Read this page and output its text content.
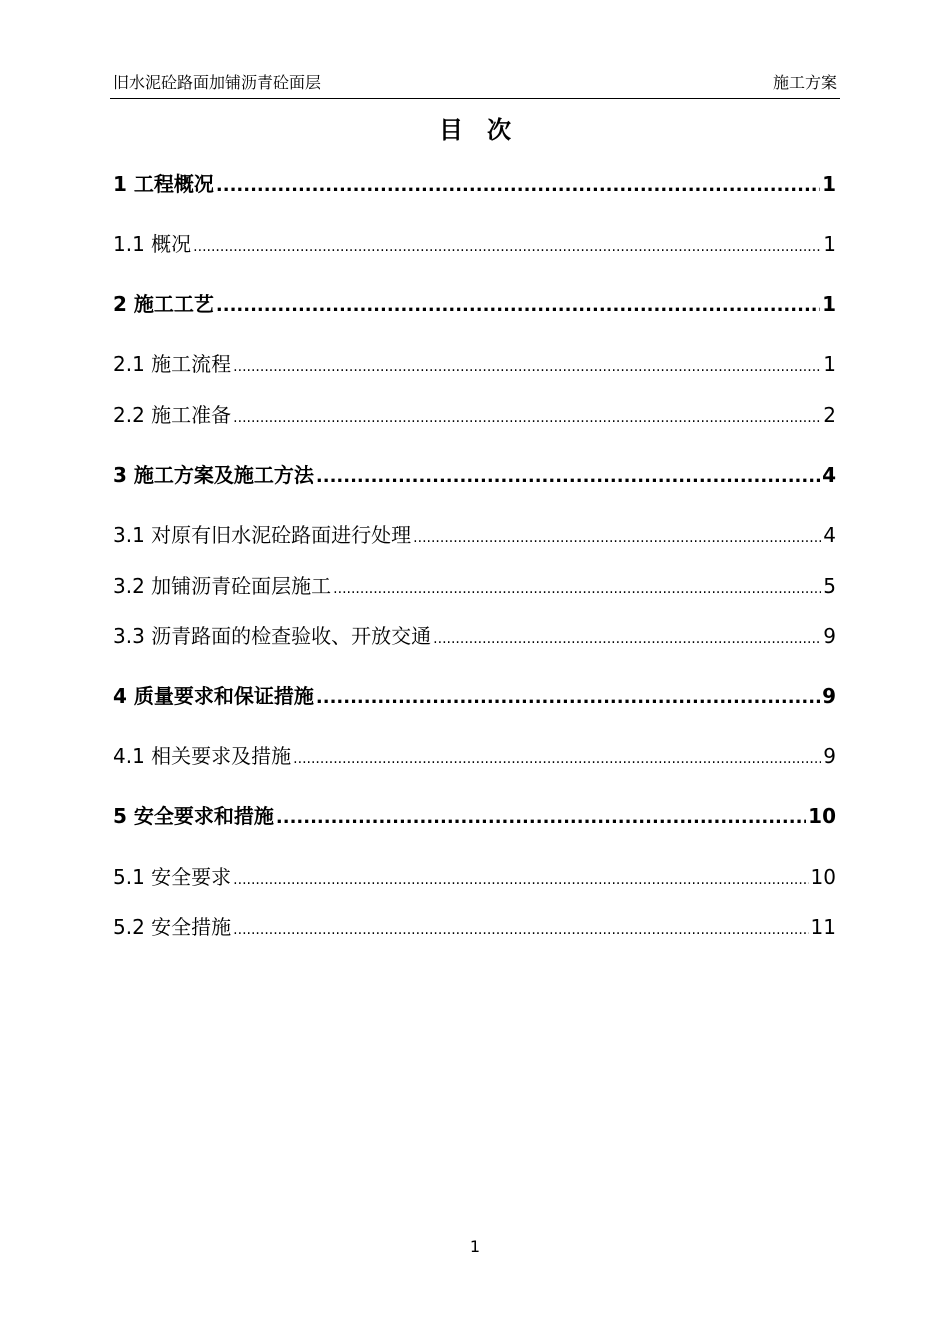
旧水泥砼路面加铺沥青砼面层	施工方案
目　次
1 工程概况 .....	1
1.1 概况 .....	1
2 施工工艺 .....	1
2.1 施工流程 .....	1
2.2 施工准备 .....	2
3 施工方案及施工方法 .....	4
3.1 对原有旧水泥砼路面进行处理 .....	4
3.2 加铺沥青砼面层施工 .....	5
3.3 沥青路面的检查验收、开放交通 .....	9
4 质量要求和保证措施 .....	9
4.1 相关要求及措施 .....	9
5 安全要求和措施 .....	10
5.1 安全要求 .....	10
5.2 安全措施 .....	11
1
